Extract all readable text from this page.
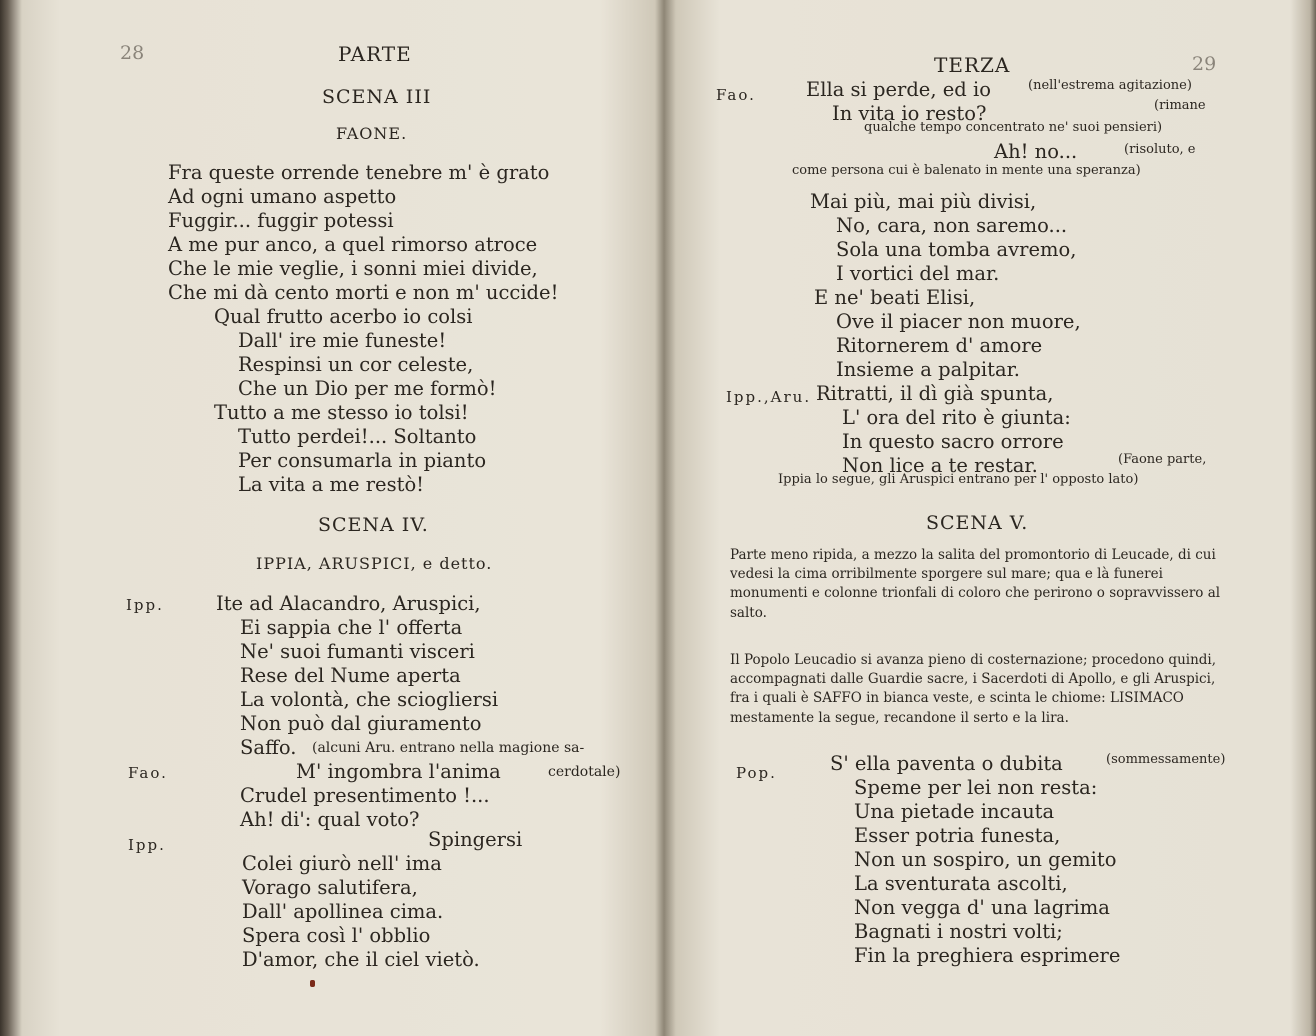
28	PARTE
SCENA III
FAONE.
Fra queste orrende tenebre m' è grato
Ad ogni umano aspetto
Fuggir... fuggir potessi
A me pur anco, a quel rimorso atroce
Che le mie veglie, i sonni miei divide,
Che mi dà cento morti e non m' uccide!
Qual frutto acerbo io colsi
Dall' ire mie funeste!
Respinsi un cor celeste,
Che un Dio per me formò!
Tutto a me stesso io tolsi!
Tutto perdei!... Soltanto
Per consumarla in pianto
La vita a me restò!
SCENA IV.
IPPIA, ARUSPICI, e detto.
Ipp.	Ite ad Alacandro, Aruspici,
Ei sappia che l' offerta
Ne' suoi fumanti visceri
Rese del Nume aperta
La volontà, che sciogliersi
Non può dal giuramento
Saffo. (alcuni Aru. entrano nella magione sa-
Fao.	M' ingombra l'anima	cerdotale)
Crudel presentimento !...
Ah! di': qual voto?
Ipp.	Spingersi
Colei giurò nell' ima
Vorago salutifera,
Dall' apollinea cima.
Spera così l' obblio
D'amor, che il ciel vietò.
TERZA	29
Fao.	Ella si perde, ed io	(nell'estrema agitazione)
In vita io resto?	(rimane
qualche tempo concentrato ne' suoi pensieri)
Ah! no...	(risoluto, e
come persona cui è balenato in mente una speranza)
Mai più, mai più divisi,
No, cara, non saremo...
Sola una tomba avremo,
I vortici del mar.
E ne' beati Elisi,
Ove il piacer non muore,
Ritornerem d' amore
Insieme a palpitar.
Ipp.,Aru. Ritratti, il dì già spunta,
L' ora del rito è giunta:
In questo sacro orrore
Non lice a te restar.	(Faone parte,
Ippia lo segue, gli Aruspici entrano per l' opposto lato)
SCENA V.
Parte meno ripida, a mezzo la salita del promontorio di Leucade, di cui vedesi la cima orribilmente sporgere sul mare; qua e là funerei monumenti e colonne trionfali di coloro che perirono o sopravvissero al salto.
Il Popolo Leucadio si avanza pieno di costernazione; procedono quindi, accompagnati dalle Guardie sacre, i Sacerdoti di Apollo, e gli Aruspici, fra i quali è SAFFO in bianca veste, e scinta le chiome: LISIMACO mestamente la segue, recandone il serto e la lira.
Pop.	S' ella paventa o dubita	(sommessamente)
Speme per lei non resta:
Una pietade incauta
Esser potria funesta,
Non un sospiro, un gemito
La sventurata ascolti,
Non vegga d' una lagrima
Bagnati i nostri volti;
Fin la preghiera esprimere
